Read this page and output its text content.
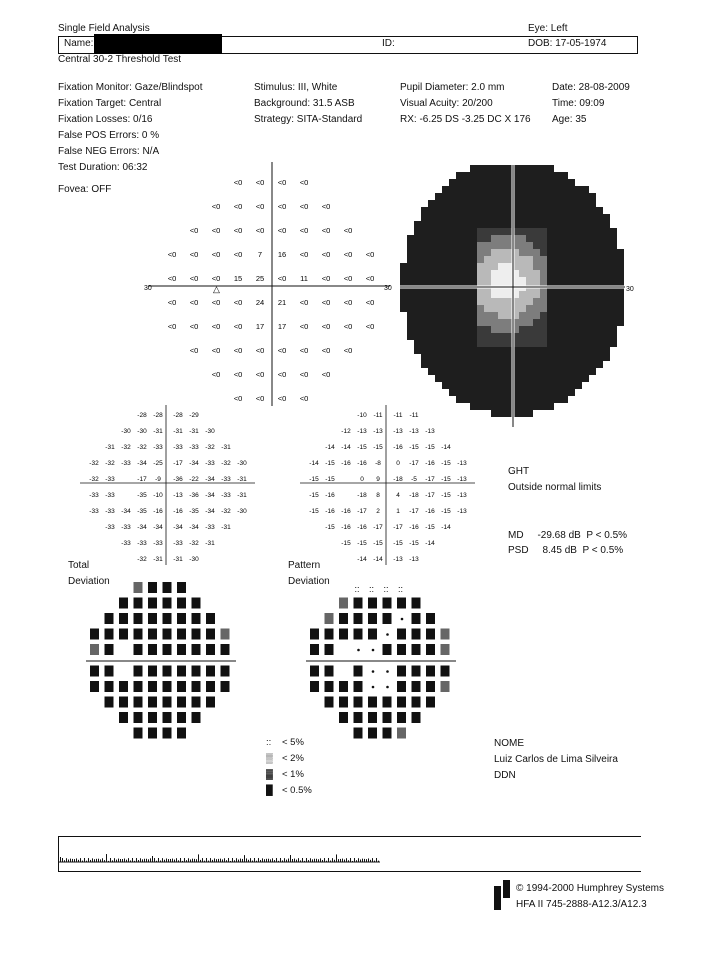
Single Field Analysis	Eye: Left
Name:	ID:	DOB: 17-05-1974
Central 30-2 Threshold Test
Fixation Monitor: Gaze/Blindspot
Fixation Target: Central
Fixation Losses: 0/16
False POS Errors: 0 %
False NEG Errors: N/A
Test Duration: 06:32
Fovea: OFF
Stimulus: III, White
Background: 31.5 ASB
Strategy: SITA-Standard
Pupil Diameter: 2.0 mm
Visual Acuity: 20/200
RX: -6.25 DS -3.25 DC X 176
Date: 28-08-2009
Time: 09:09
Age: 35
30	30
<0 <0 <0 <0
<0 <0 <0 <0 <0 <0
<0 <0 <0 <0 <0 <0 <0 <0
<0 <0 <0 <0 7 16 <0 <0 <0 <0
<0 <0 <0 15 25 <0 11 <0 <0 <0
<0 <0 <0 <0 24 21 <0 <0 <0 <0
<0 <0 <0 <0 17 17 <0 <0 <0 <0
<0 <0 <0 <0 <0 <0 <0 <0
<0 <0 <0 <0 <0 <0
<0 <0 <0 <0
△	30
-28 -28 -28 -29
-30 -30 -31 -31 -31 -30
-31 -32 -32 -33 -33 -33 -32 -31
-32 -32 -33 -34 -25 -17 -34 -33 -32 -30
-32 -33	-17 -9 -36 -22 -34 -33 -31
-33 -33	-35 -10 -13 -36 -34 -33 -31
-33 -33 -34 -35 -16 -16 -35 -34 -32 -30
-33 -33 -34 -34 -34 -34 -33 -31
-33 -33 -33 -33 -32 -31
-32 -31 -31 -30
-10 -11 -11 -11
-12 -13 -13 -13 -13 -13
-14 -14 -15 -15 -16 -15 -15 -14
-14 -15 -16 -16 -8 0 -17 -16 -15 -13
-15 -15	0 9 -18 -5 -17 -15 -13
-15 -16	-18 8	4 -18 -17 -15 -13
-15 -16 -16 -17 2	1 -17 -16 -15 -13
-15 -16 -16 -17 -17 -16 -15 -14
-15 -15 -15 -15 -15 -14
-14 -14 -13 -13
GHT
Outside normal limits
MD     -29.68 dB  P < 0.5%
PSD     8.45 dB  P < 0.5%
Total
Deviation
Pattern
Deviation
:: :: :: ::
:: < 5%
▒ < 2%
▓ < 1%
█ < 0.5%
NOME
Luiz Carlos de Lima Silveira
DDN
© 1994-2000 Humphrey Systems
HFA II 745-2888-A12.3/A12.3
